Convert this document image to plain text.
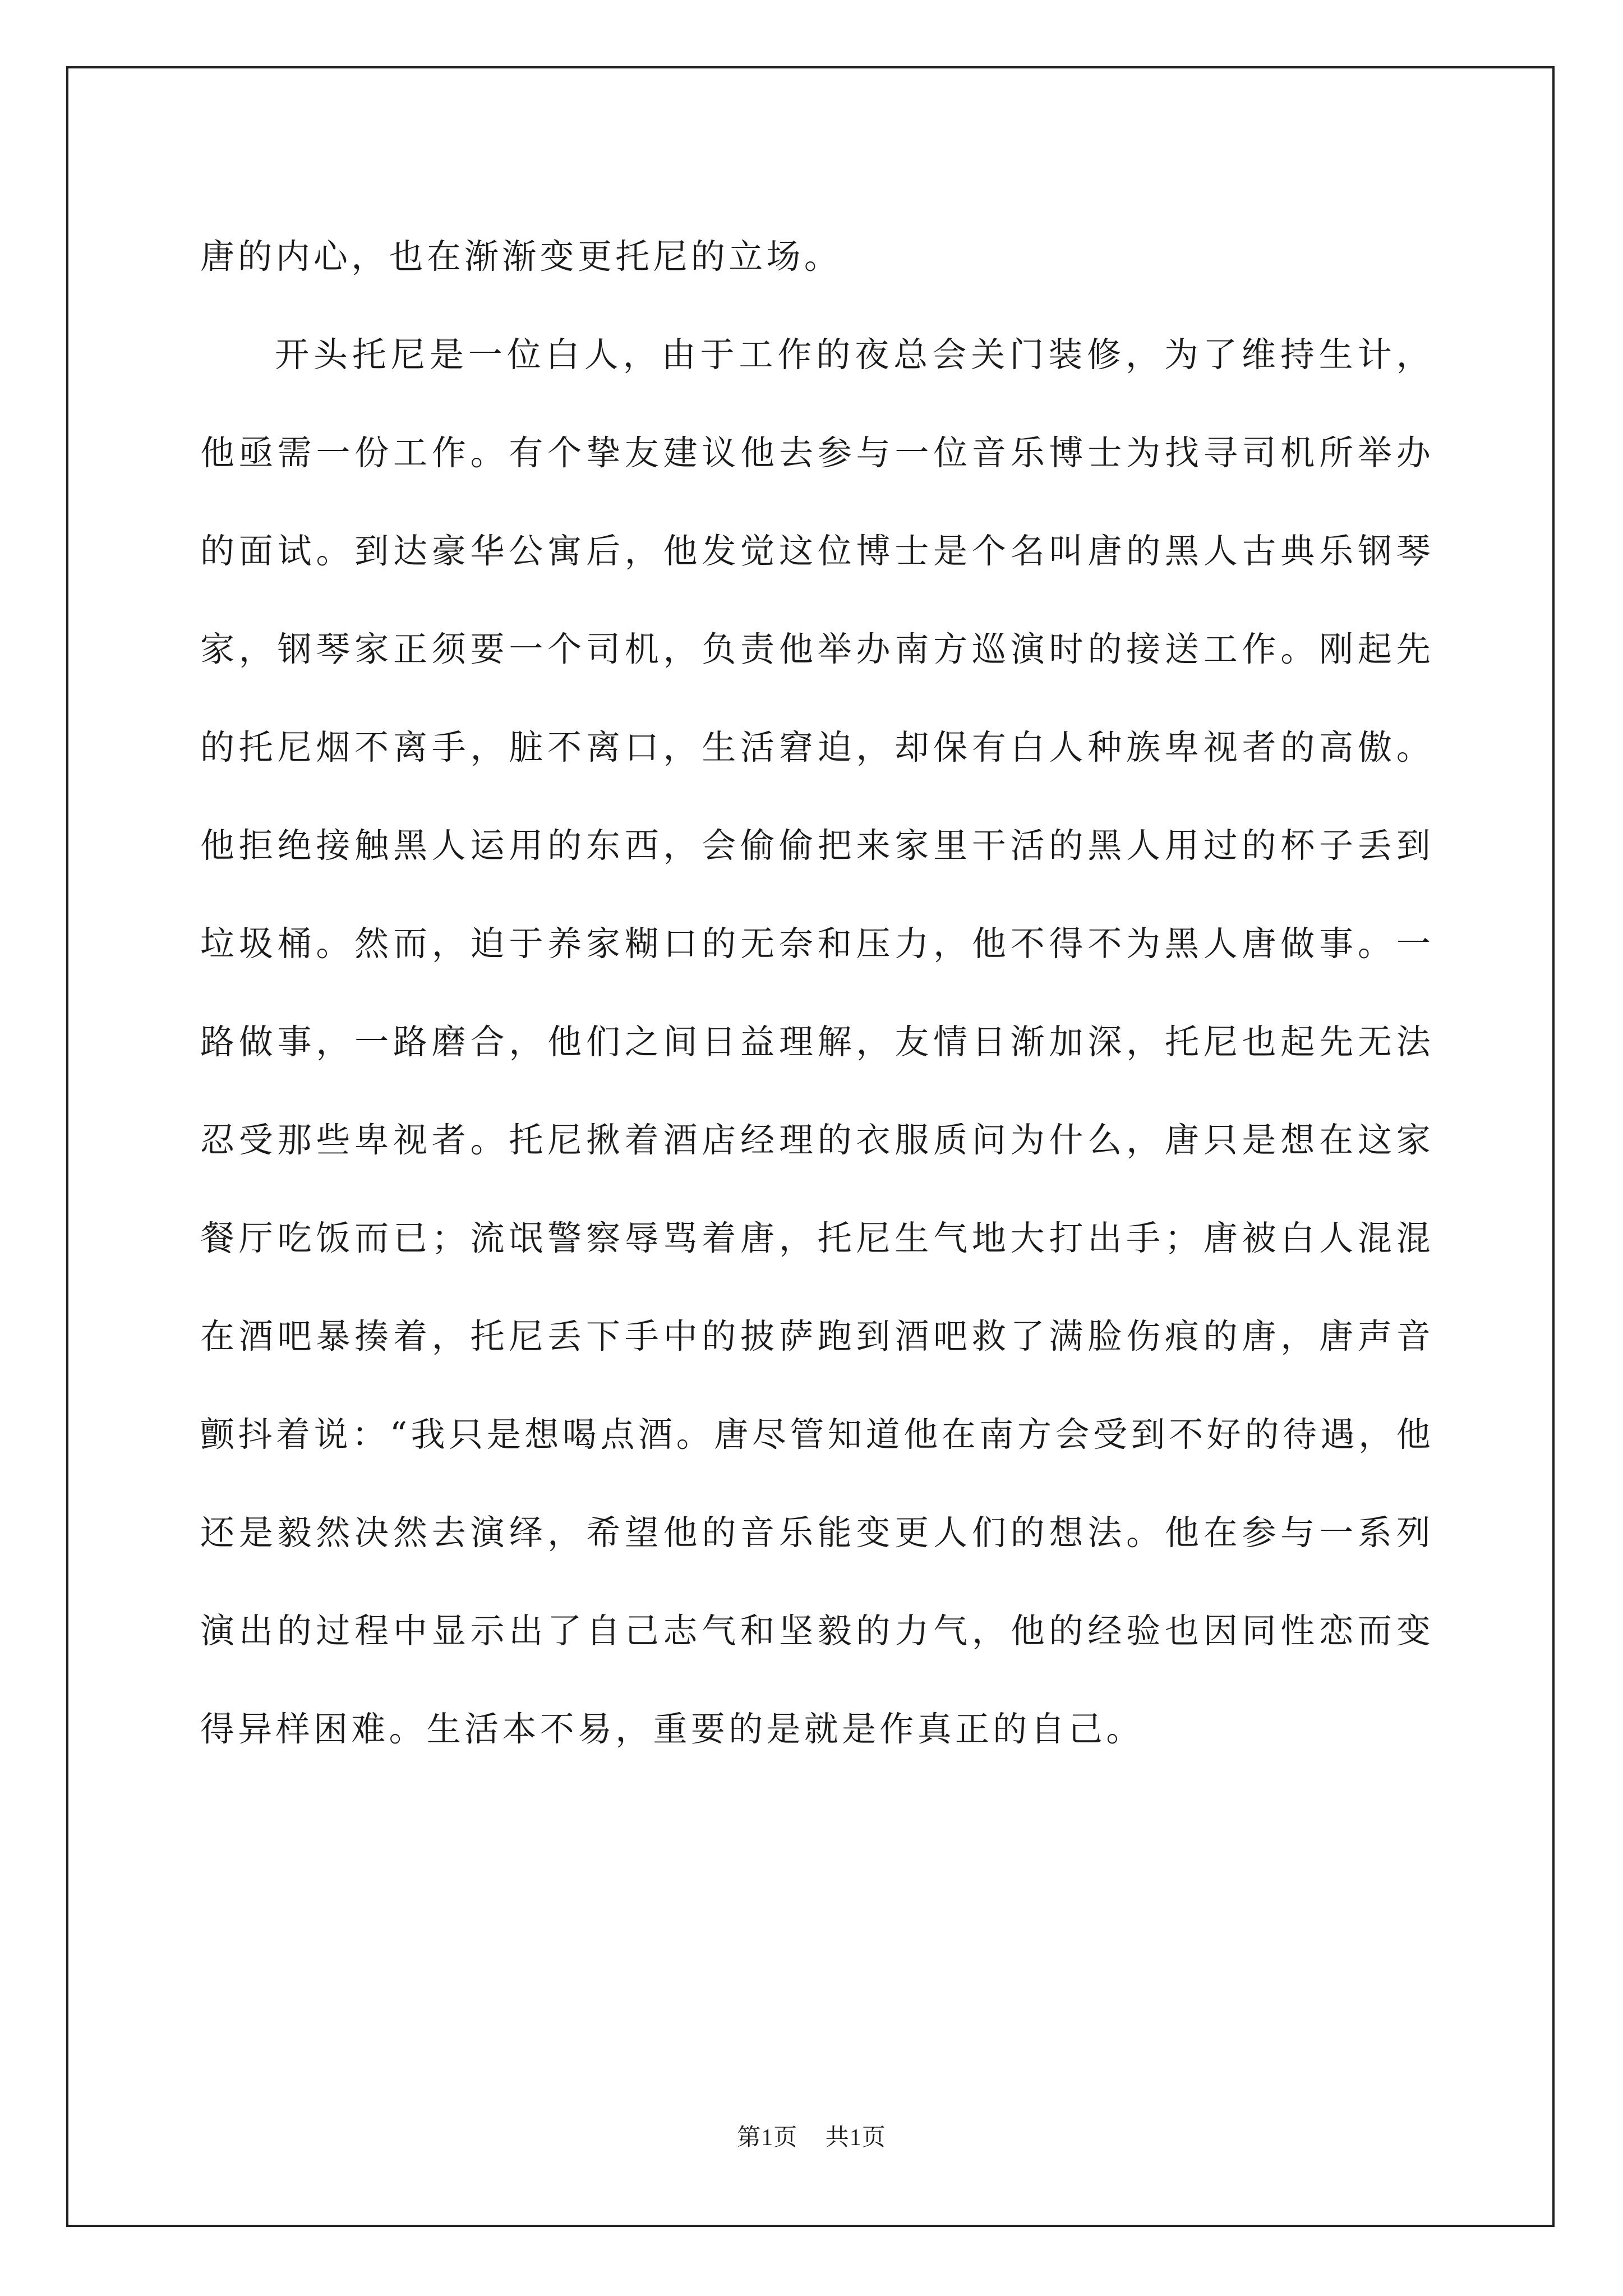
唐的内心，也在渐渐变更托尼的立场。

开头托尼是一位白人，由于工作的夜总会关门装修，为了维持生计，他亟需一份工作。有个挚友建议他去参与一位音乐博士为找寻司机所举办的面试。到达豪华公寓后，他发觉这位博士是个名叫唐的黑人古典乐钢琴家，钢琴家正须要一个司机，负责他举办南方巡演时的接送工作。刚起先的托尼烟不离手，脏不离口，生活窘迫，却保有白人种族卑视者的高傲。他拒绝接触黑人运用的东西，会偷偷把来家里干活的黑人用过的杯子丢到垃圾桶。然而，迫于养家糊口的无奈和压力，他不得不为黑人唐做事。一路做事，一路磨合，他们之间日益理解，友情日渐加深，托尼也起先无法忍受那些卑视者。托尼揪着酒店经理的衣服质问为什么，唐只是想在这家餐厅吃饭而已；流氓警察辱骂着唐，托尼生气地大打出手；唐被白人混混在酒吧暴揍着，托尼丢下手中的披萨跑到酒吧救了满脸伤痕的唐，唐声音颤抖着说：“我只是想喝点酒。唐尽管知道他在南方会受到不好的待遇，他还是毅然决然去演绎，希望他的音乐能变更人们的想法。他在参与一系列演出的过程中显示出了自己志气和坚毅的力气，他的经验也因同性恋而变得异样困难。生活本不易，重要的是就是作真正的自己。

第1页 共1页
